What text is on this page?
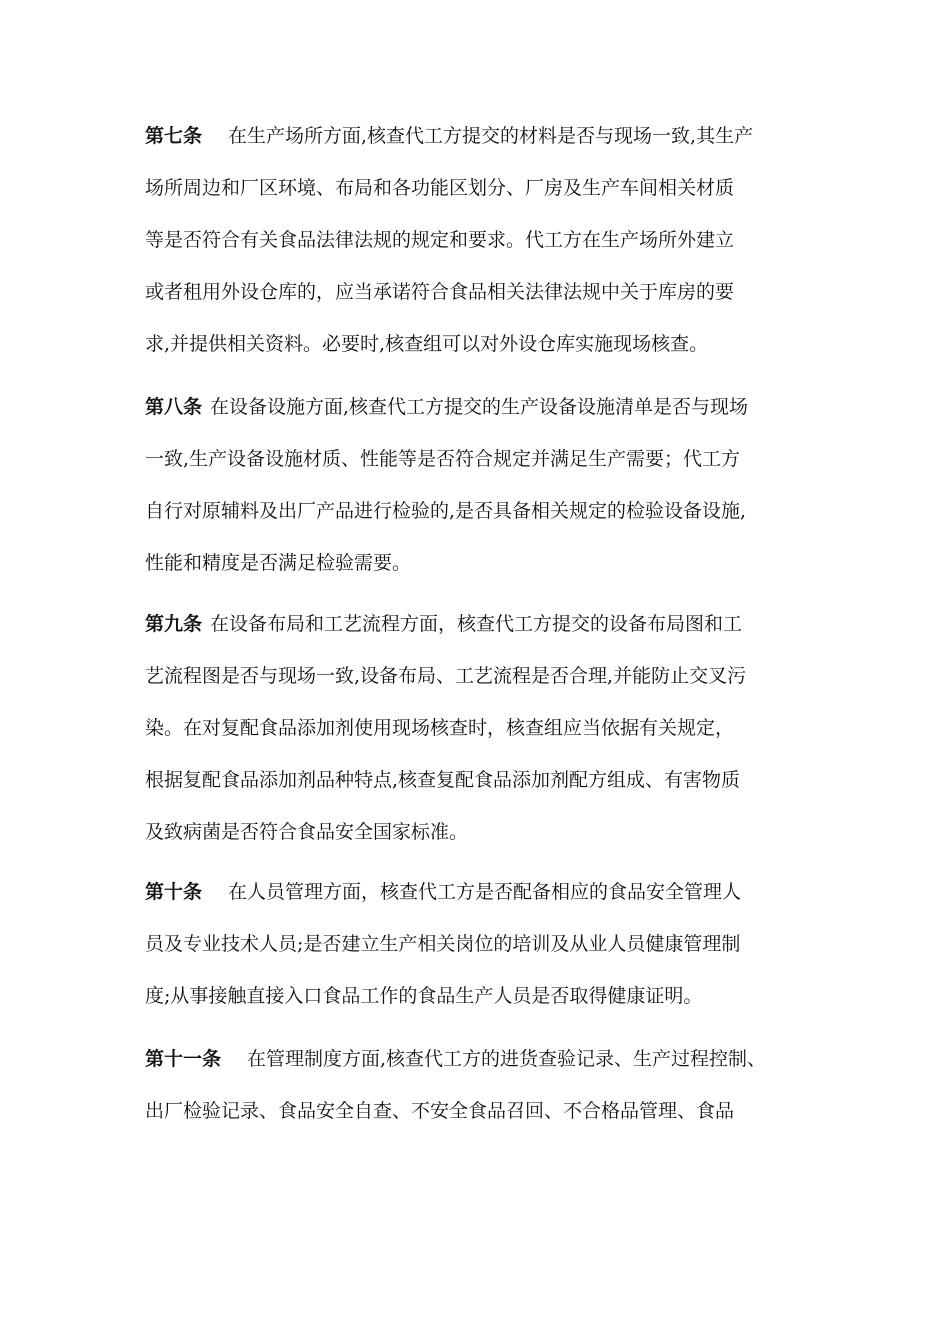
第七条 在生产场所方面,核查代工方提交的材料是否与现场一致,其生产
场所周边和厂区环境、布局和各功能区划分、厂房及生产车间相关材质
等是否符合有关食品法律法规的规定和要求。代工方在生产场所外建立
或者租用外设仓库的，应当承诺符合食品相关法律法规中关于库房的要
求,并提供相关资料。必要时,核查组可以对外设仓库实施现场核查。
第八条 在设备设施方面,核查代工方提交的生产设备设施清单是否与现场
一致,生产设备设施材质、性能等是否符合规定并满足生产需要；代工方
自行对原辅料及出厂产品进行检验的,是否具备相关规定的检验设备设施,
性能和精度是否满足检验需要。
第九条 在设备布局和工艺流程方面，核查代工方提交的设备布局图和工
艺流程图是否与现场一致,设备布局、工艺流程是否合理,并能防止交叉污
染。在对复配食品添加剂使用现场核查时，核查组应当依据有关规定，
根据复配食品添加剂品种特点,核查复配食品添加剂配方组成、有害物质
及致病菌是否符合食品安全国家标准。
第十条 在人员管理方面，核查代工方是否配备相应的食品安全管理人
员及专业技术人员;是否建立生产相关岗位的培训及从业人员健康管理制
度;从事接触直接入口食品工作的食品生产人员是否取得健康证明。
第十一条 在管理制度方面,核查代工方的进货查验记录、生产过程控制、
出厂检验记录、食品安全自查、不安全食品召回、不合格品管理、食品
